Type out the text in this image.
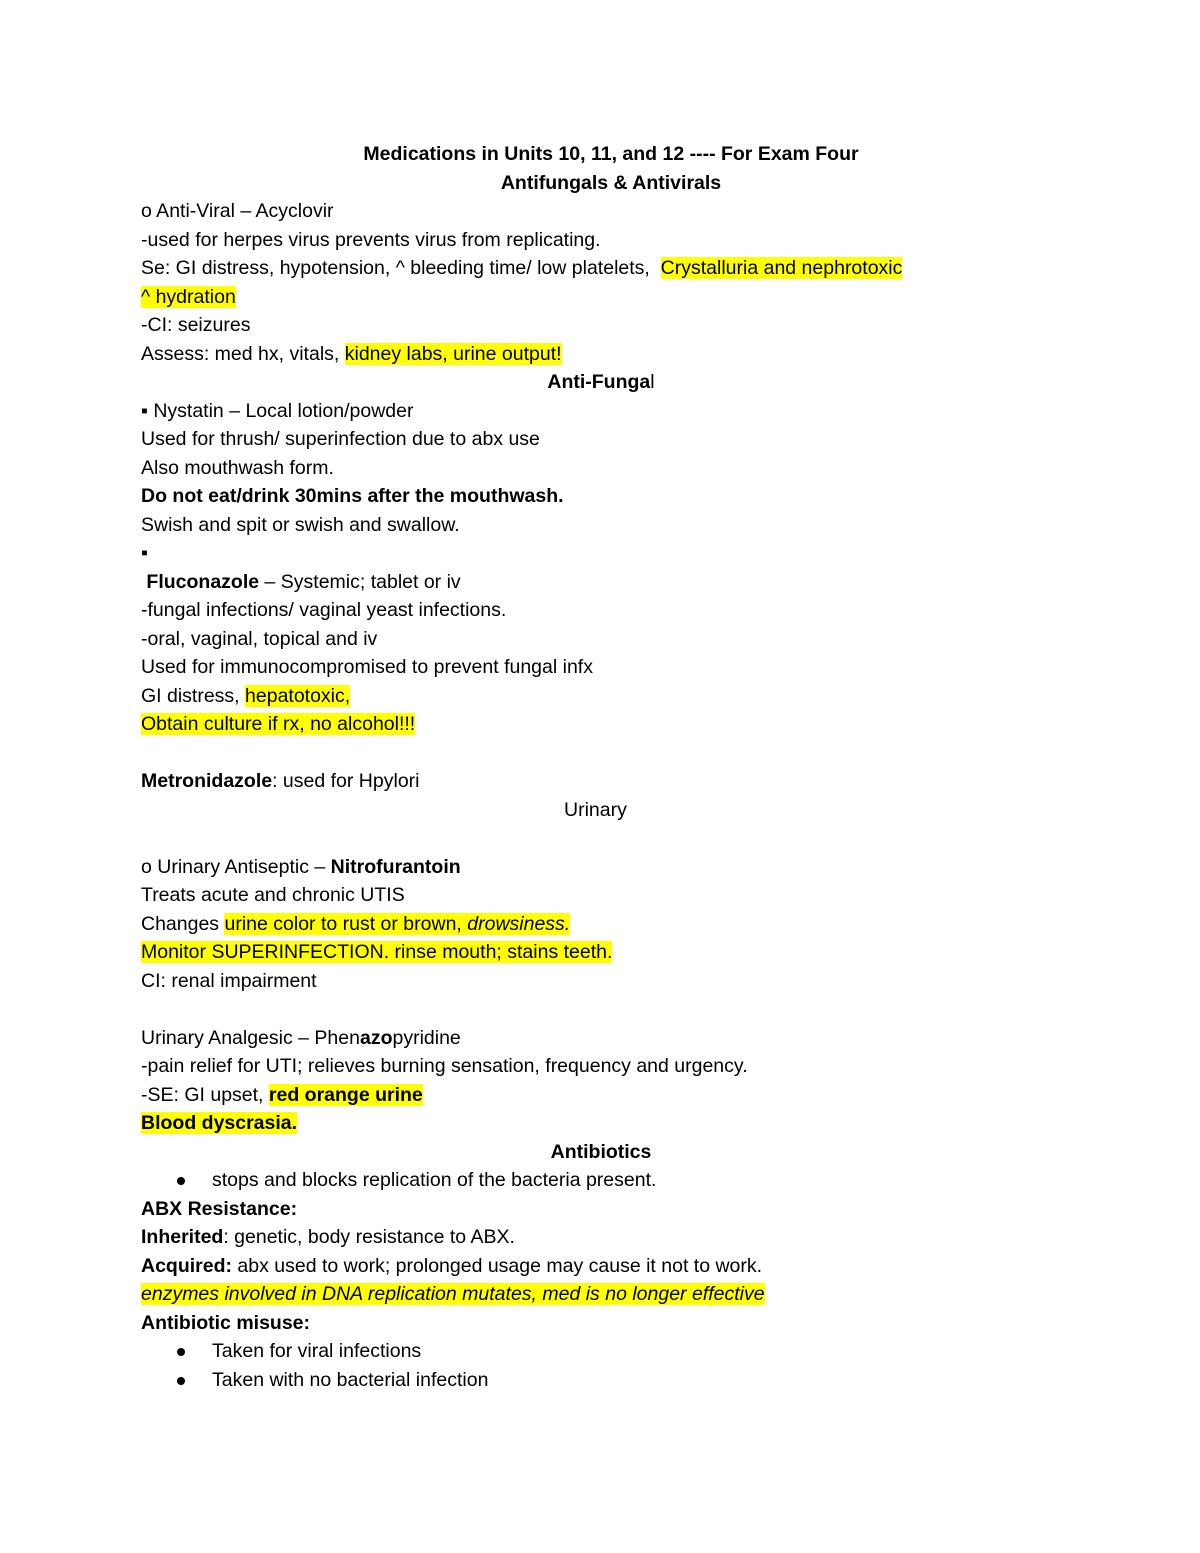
Medications in Units 10, 11, and 12 ---- For Exam Four
Antifungals & Antivirals
o Anti-Viral – Acyclovir
-used for herpes virus prevents virus from replicating.
Se: GI distress, hypotension, ^ bleeding time/ low platelets,  Crystalluria and nephrotoxic
^ hydration
-CI: seizures
Assess: med hx, vitals, kidney labs, urine output!
Anti-Fungal
▪ Nystatin – Local lotion/powder
Used for thrush/ superinfection due to abx use
Also mouthwash form.
Do not eat/drink 30mins after the mouthwash.
Swish and spit or swish and swallow.
▪
Fluconazole – Systemic; tablet or iv
-fungal infections/ vaginal yeast infections.
-oral, vaginal, topical and iv
Used for immunocompromised to prevent fungal infx
GI distress, hepatotoxic,
Obtain culture if rx, no alcohol!!!
Metronidazole: used for Hpylori
Urinary
o Urinary Antiseptic – Nitrofurantoin
Treats acute and chronic UTIS
Changes urine color to rust or brown, drowsiness.
Monitor SUPERINFECTION. rinse mouth; stains teeth.
CI: renal impairment
Urinary Analgesic – Phenazopyridine
-pain relief for UTI; relieves burning sensation, frequency and urgency.
-SE: GI upset, red orange urine
Blood dyscrasia.
Antibiotics
stops and blocks replication of the bacteria present.
ABX Resistance:
Inherited: genetic, body resistance to ABX.
Acquired: abx used to work; prolonged usage may cause it not to work.
enzymes involved in DNA replication mutates, med is no longer effective
Antibiotic misuse:
Taken for viral infections
Taken with no bacterial infection
